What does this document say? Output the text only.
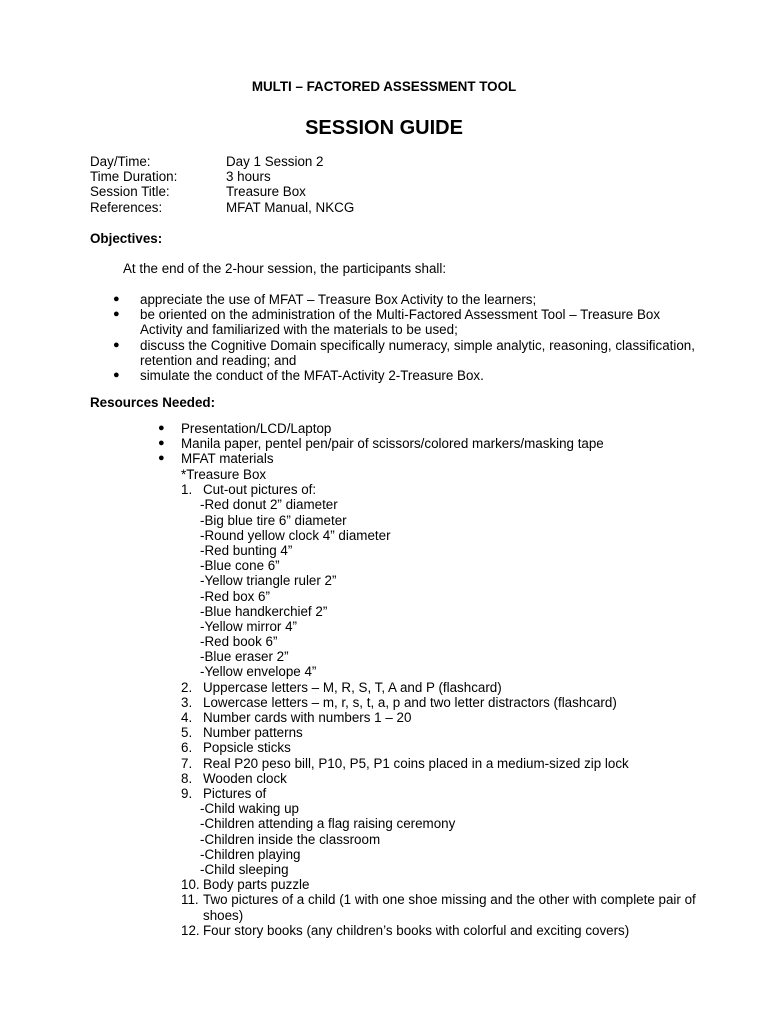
MULTI – FACTORED ASSESSMENT TOOL
SESSION GUIDE
Day/Time:	Day 1 Session 2
Time Duration:	3 hours
Session Title:	Treasure Box
References:	MFAT Manual, NKCG
Objectives:
At the end of the 2-hour session, the participants shall:
● appreciate the use of MFAT – Treasure Box Activity to the learners;
● be oriented on the administration of the Multi-Factored Assessment Tool – Treasure Box Activity and familiarized with the materials to be used;
● discuss the Cognitive Domain specifically numeracy, simple analytic, reasoning, classification, retention and reading; and
● simulate the conduct of the MFAT-Activity 2-Treasure Box.
Resources Needed:
● Presentation/LCD/Laptop
● Manila paper, pentel pen/pair of scissors/colored markers/masking tape
● MFAT materials
*Treasure Box
1. Cut-out pictures of:
-Red donut 2” diameter
-Big blue tire 6” diameter
-Round yellow clock 4” diameter
-Red bunting 4”
-Blue cone 6”
-Yellow triangle ruler 2”
-Red box 6”
-Blue handkerchief 2”
-Yellow mirror 4”
-Red book 6”
-Blue eraser 2”
-Yellow envelope 4”
2. Uppercase letters – M, R, S, T, A and P (flashcard)
3. Lowercase letters – m, r, s, t, a, p and two letter distractors (flashcard)
4. Number cards with numbers 1 – 20
5. Number patterns
6. Popsicle sticks
7. Real P20 peso bill, P10, P5, P1 coins placed in a medium-sized zip lock
8. Wooden clock
9. Pictures of
-Child waking up
-Children attending a flag raising ceremony
-Children inside the classroom
-Children playing
-Child sleeping
10. Body parts puzzle
11. Two pictures of a child (1 with one shoe missing and the other with complete pair of shoes)
12. Four story books (any children’s books with colorful and exciting covers)
